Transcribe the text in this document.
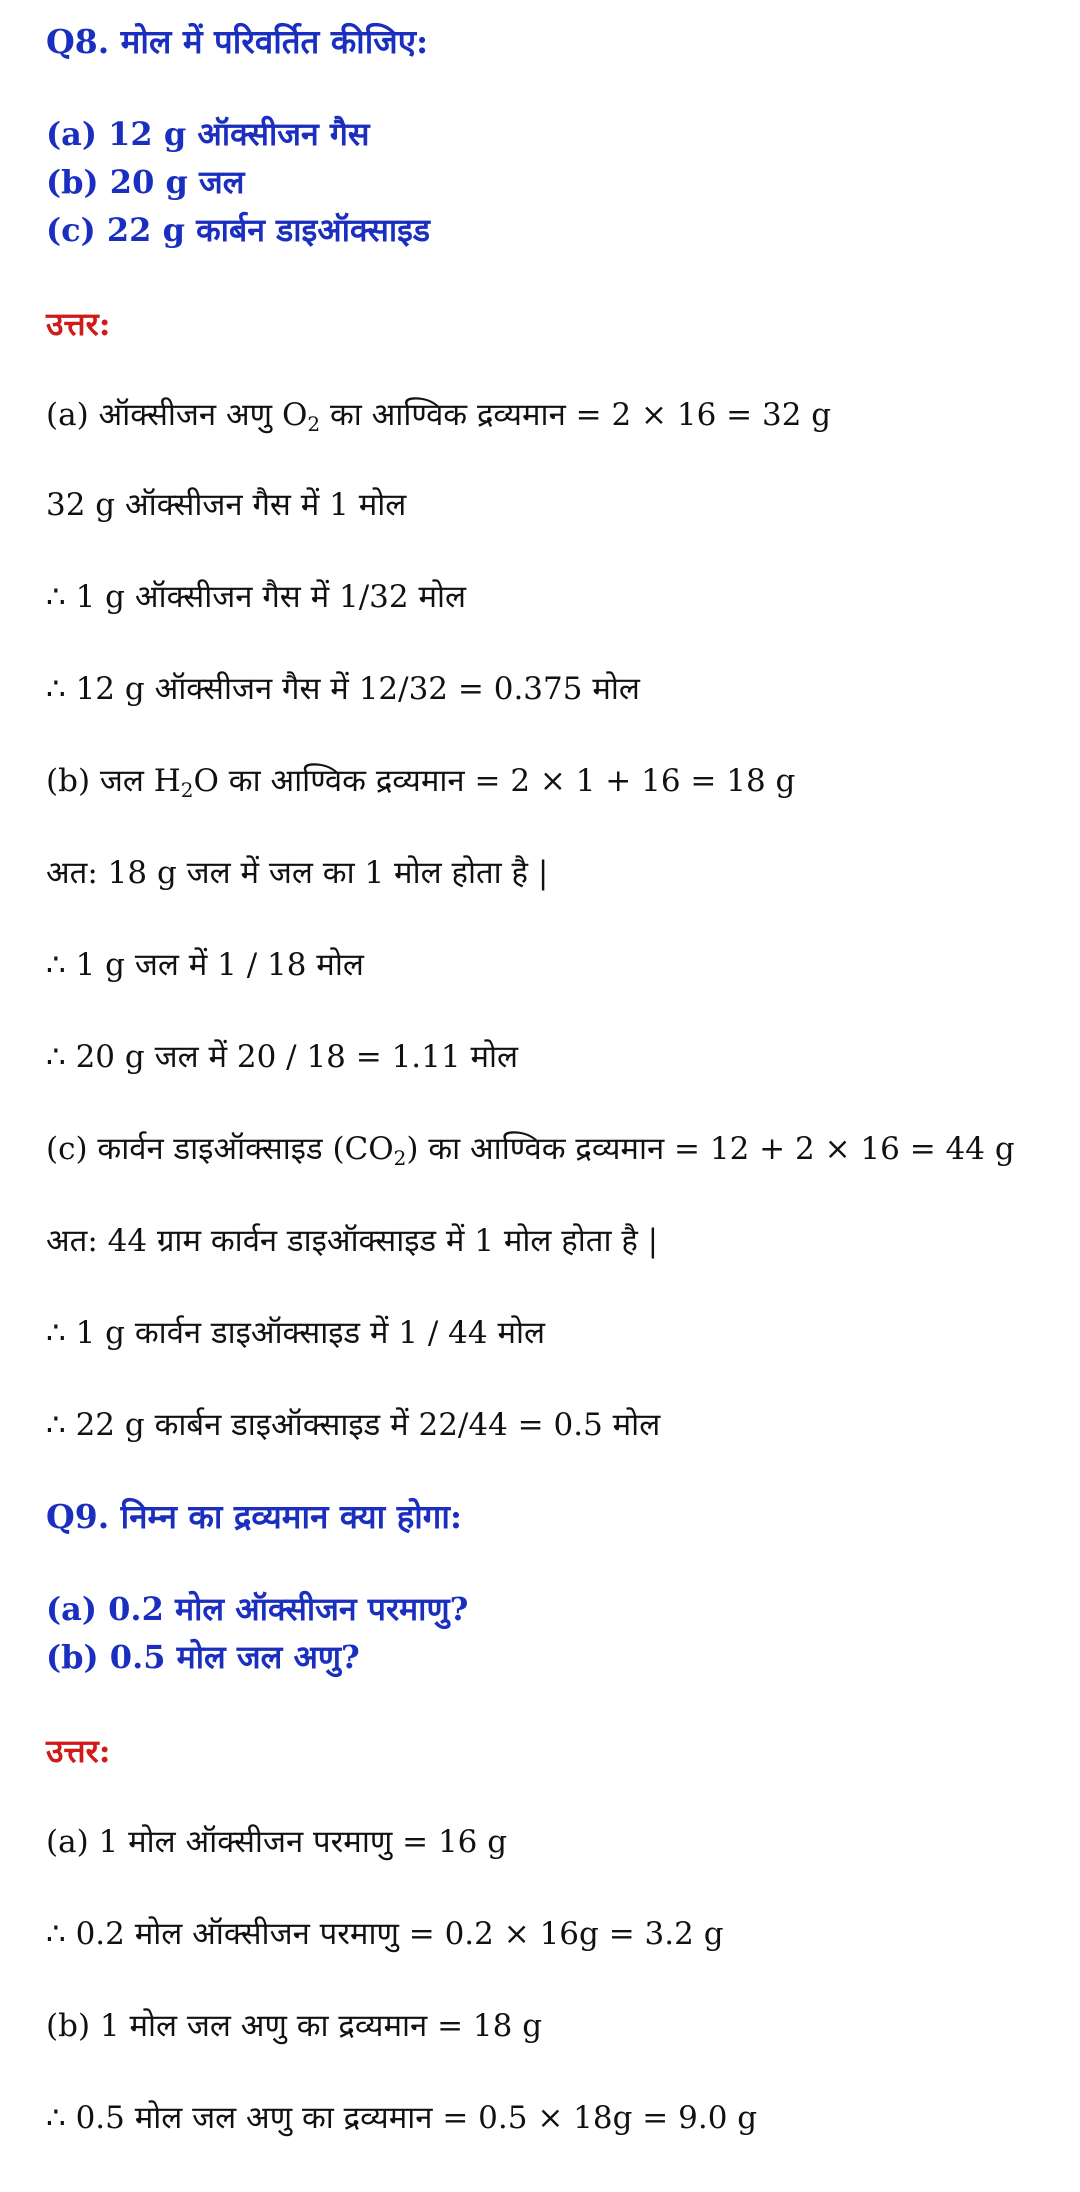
Q8. मोल में परिवर्तित कीजिए:
(a) 12 g ऑक्सीजन गैस
(b) 20 g जल
(c) 22 g कार्बन डाइऑक्साइड
उत्तर:
(a) ऑक्सीजन अणु $O_2$ का आण्विक द्रव्यमान = 2 × 16 = 32 g
32 g ऑक्सीजन गैस में 1 मोल
∴ 1 g ऑक्सीजन गैस में 1/32 मोल
∴ 12 g ऑक्सीजन गैस में 12/32 = 0.375 मोल
(b) जल $H_2O$ का आण्विक द्रव्यमान = 2 × 1 + 16 = 18 g
अत: 18 g जल में जल का 1 मोल होता है |
∴ 1 g जल में 1 / 18 मोल
∴ 20 g जल में 20 / 18 = 1.11 मोल
(c) कार्वन डाइऑक्साइड $(CO_2)$ का आण्विक द्रव्यमान = 12 + 2 × 16 = 44 g
अत: 44 ग्राम कार्वन डाइऑक्साइड में 1 मोल होता है |
∴ 1 g कार्वन डाइऑक्साइड में 1 / 44 मोल
∴ 22 g कार्बन डाइऑक्साइड में 22/44 = 0.5 मोल
Q9. निम्न का द्रव्यमान क्या होगा:
(a) 0.2 मोल ऑक्सीजन परमाणु?
(b) 0.5 मोल जल अणु?
उत्तर:
(a) 1 मोल ऑक्सीजन परमाणु = 16 g
∴ 0.2 मोल ऑक्सीजन परमाणु = 0.2 × 16g = 3.2 g
(b) 1 मोल जल अणु का द्रव्यमान = 18 g
∴ 0.5 मोल जल अणु का द्रव्यमान = 0.5 × 18g = 9.0 g
